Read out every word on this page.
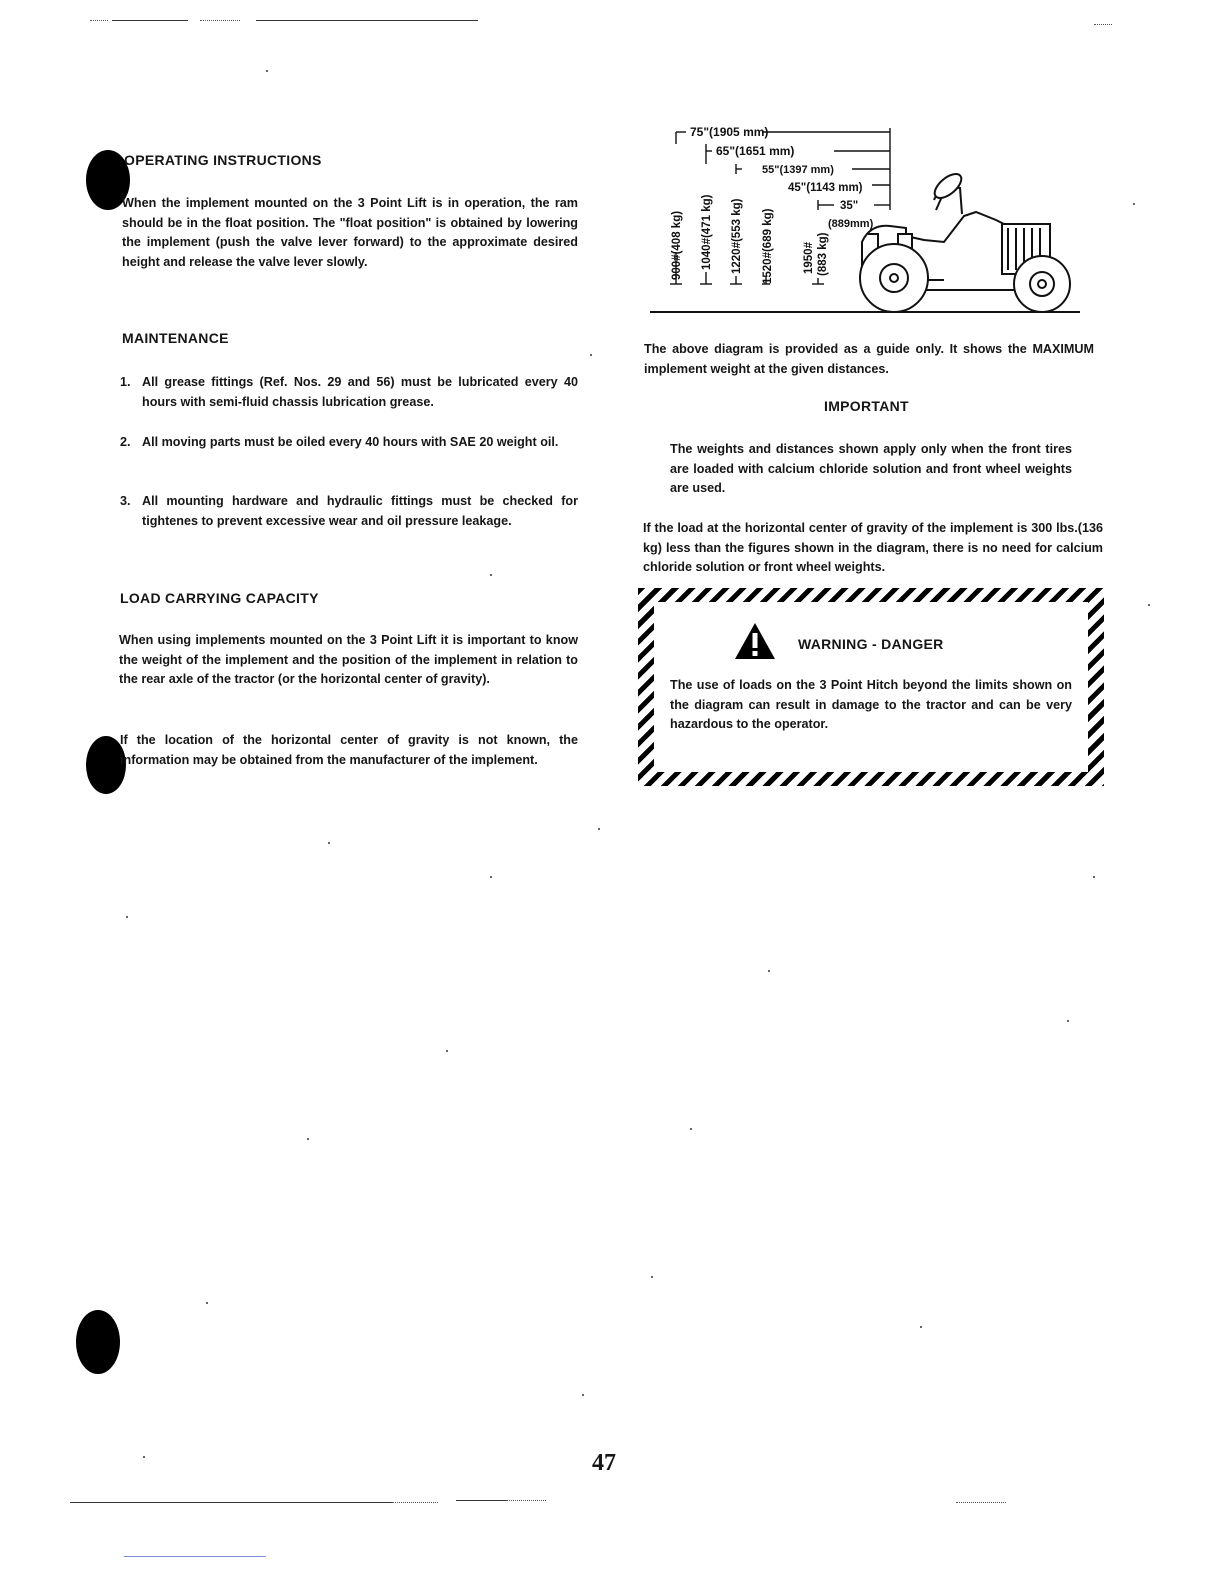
OPERATING INSTRUCTIONS
When the implement mounted on the 3 Point Lift is in operation, the ram should be in the float position. The "float position" is obtained by lowering the implement (push the valve lever forward) to the approximate desired height and release the valve lever slowly.
MAINTENANCE
1. All grease fittings (Ref. Nos. 29 and 56) must be lubricated every 40 hours with semi-fluid chassis lubrication grease.
2. All moving parts must be oiled every 40 hours with SAE 20 weight oil.
3. All mounting hardware and hydraulic fittings must be checked for tightenes to prevent excessive wear and oil pressure leakage.
LOAD CARRYING CAPACITY
When using implements mounted on the 3 Point Lift it is important to know the weight of the implement and the position of the implement in relation to the rear axle of the tractor (or the horizontal center of gravity).
If the location of the horizontal center of gravity is not known, the information may be obtained from the manufacturer of the implement.
75"(1905 mm)
65"(1651 mm)
55"(1397 mm)
45"(1143 mm)
35"
(889mm)
900#(408 kg) 1040#(471 kg) 1220#(553 kg) 1520#(689 kg)	1950# (883 kg)
The above diagram is provided as a guide only. It shows the MAXIMUM implement weight at the given distances.
IMPORTANT
The weights and distances shown apply only when the front tires are loaded with calcium chloride solution and front wheel weights are used.
If the load at the horizontal center of gravity of the implement is 300 lbs.(136 kg) less than the figures shown in the diagram, there is no need for calcium chloride solution or front wheel weights.
WARNING - DANGER
The use of loads on the 3 Point Hitch beyond the limits shown on the diagram can result in damage to the tractor and can be very hazardous to the operator.
47
